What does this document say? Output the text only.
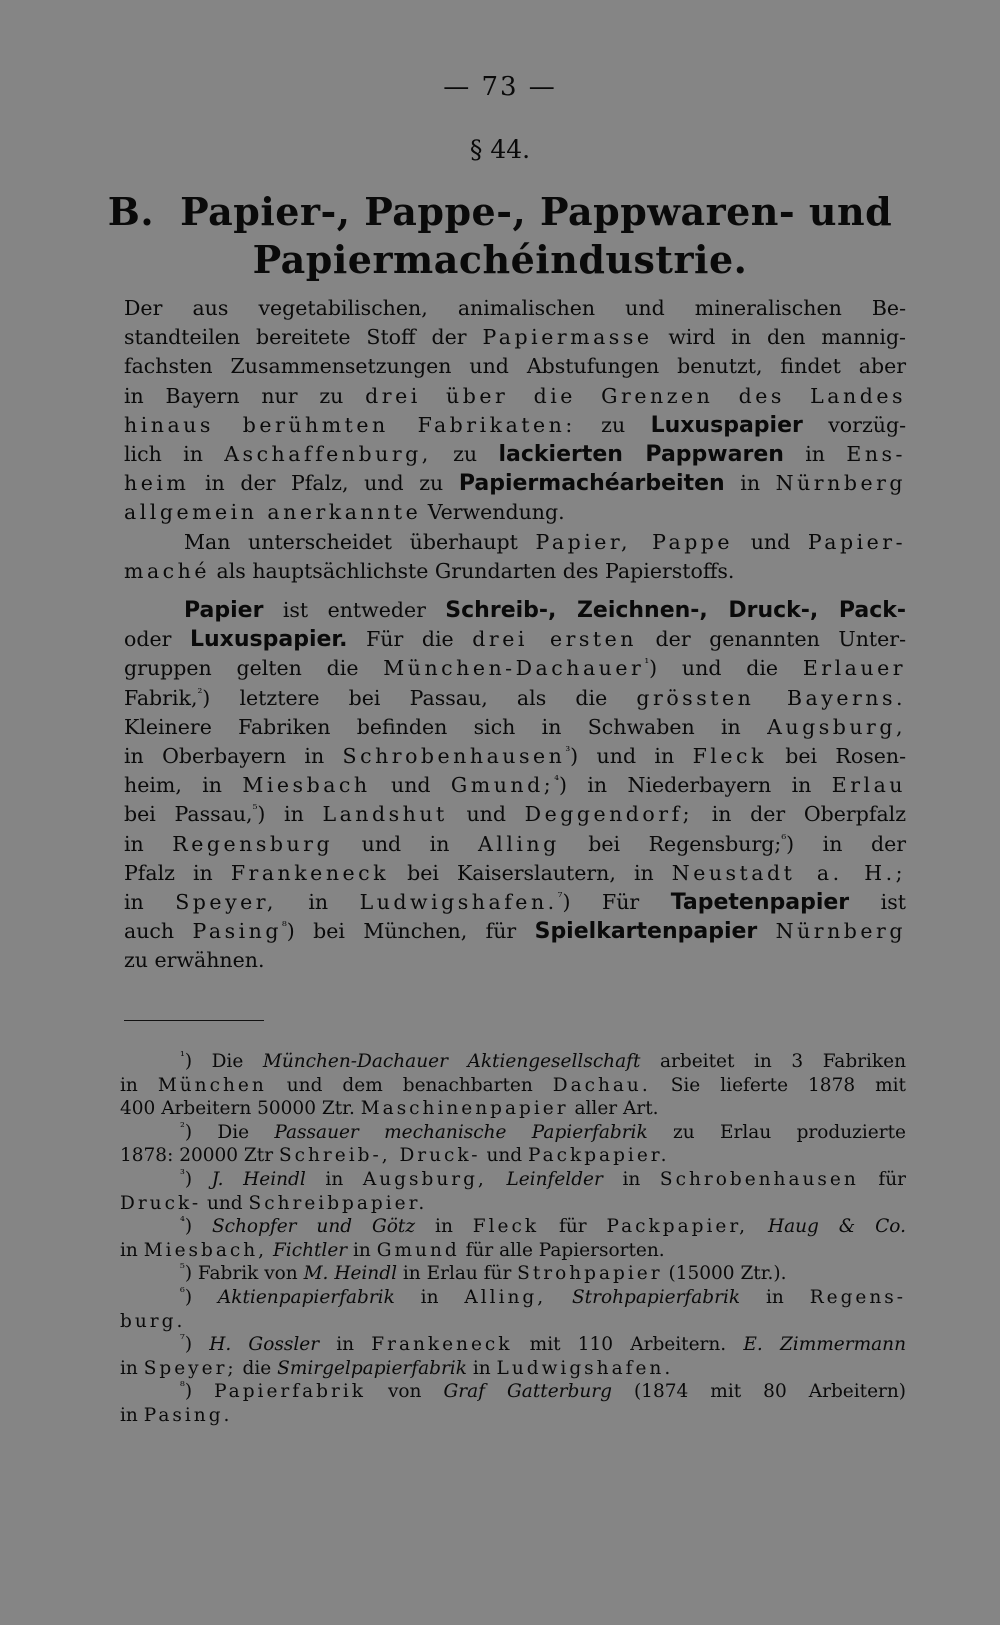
— 73 —
§ 44.
B. Papier-, Pappe-, Pappwaren- und
Papiermachéindustrie.
Der aus vegetabilischen, animalischen und mineralischen Be-
standteilen bereitete Stoff der Papiermasse wird in den mannig-
fachsten Zusammensetzungen und Abstufungen benutzt, findet aber
in Bayern nur zu drei über die Grenzen des Landes
hinaus berühmten Fabrikaten: zu Luxuspapier vorzüg-
lich in Aschaffenburg, zu lackierten Pappwaren in Ens-
heim in der Pfalz, und zu Papiermachéarbeiten in Nürnberg
allgemein anerkannte Verwendung.
Man unterscheidet überhaupt Papier, Pappe und Papier-
maché als hauptsächlichste Grundarten des Papierstoffs.
Papier ist entweder Schreib-, Zeichnen-, Druck-, Pack-
oder Luxuspapier. Für die drei ersten der genannten Unter-
gruppen gelten die München-Dachauer$^{^1}$) und die Erlauer
Fabrik,$^{^2}$) letztere bei Passau, als die grössten Bayerns.
Kleinere Fabriken befinden sich in Schwaben in Augsburg,
in Oberbayern in Schrobenhausen$^{^3}$) und in Fleck bei Rosen-
heim, in Miesbach und Gmund;$^{^4}$) in Niederbayern in Erlau
bei Passau,$^{^5}$) in Landshut und Deggendorf; in der Oberpfalz
in Regensburg und in Alling bei Regensburg;$^{^6}$) in der
Pfalz in Frankeneck bei Kaiserslautern, in Neustadt a. H.;
in Speyer, in Ludwigshafen.$^{^7}$) Für Tapetenpapier ist
auch Pasing$^{^8}$) bei München, für Spielkartenpapier Nürnberg
zu erwähnen.
$^{^1}$) Die München-Dachauer Aktiengesellschaft arbeitet in 3 Fabriken
in München und dem benachbarten Dachau. Sie lieferte 1878 mit
400 Arbeitern 50000 Ztr. Maschinenpapier aller Art.
$^{^2}$) Die Passauer mechanische Papierfabrik zu Erlau produzierte
1878: 20000 Ztr Schreib-, Druck- und Packpapier.
$^{^3}$) J. Heindl in Augsburg, Leinfelder in Schrobenhausen für
Druck- und Schreibpapier.
$^{^4}$) Schopfer und Götz in Fleck für Packpapier, Haug & Co.
in Miesbach, Fichtler in Gmund für alle Papiersorten.
$^{^5}$) Fabrik von M. Heindl in Erlau für Strohpapier (15000 Ztr.).
$^{^6}$) Aktienpapierfabrik in Alling, Strohpapierfabrik in Regens-
burg.
$^{^7}$) H. Gossler in Frankeneck mit 110 Arbeitern. E. Zimmermann
in Speyer; die Smirgelpapierfabrik in Ludwigshafen.
$^{^8}$) Papierfabrik von Graf Gatterburg (1874 mit 80 Arbeitern)
in Pasing.
